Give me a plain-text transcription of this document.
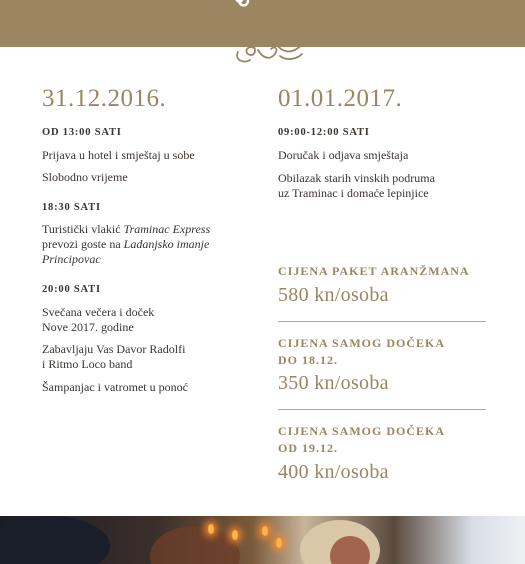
31.12.2016.
OD 13:00 SATI
Prijava u hotel i smještaj u sobe
Slobodno vrijeme
18:30 SATI
Turistički vlakić Traminac Express
prevozi goste na Ladanjsko imanje
Principovac
20:00 SATI
Svečana večera i doček
Nove 2017. godine
Zabavljaju Vas Davor Radolfi
i Ritmo Loco band
Šampanjac i vatromet u ponoć
01.01.2017.
09:00-12:00 SATI
Doručak i odjava smještaja
Obilazak starih vinskih podruma
uz Traminac i domaće lepinjice
CIJENA PAKET ARANŽMANA
580 kn/osoba
CIJENA SAMOG DOČEKA
DO 18.12.
350 kn/osoba
CIJENA SAMOG DOČEKA
OD 19.12.
400 kn/osoba
